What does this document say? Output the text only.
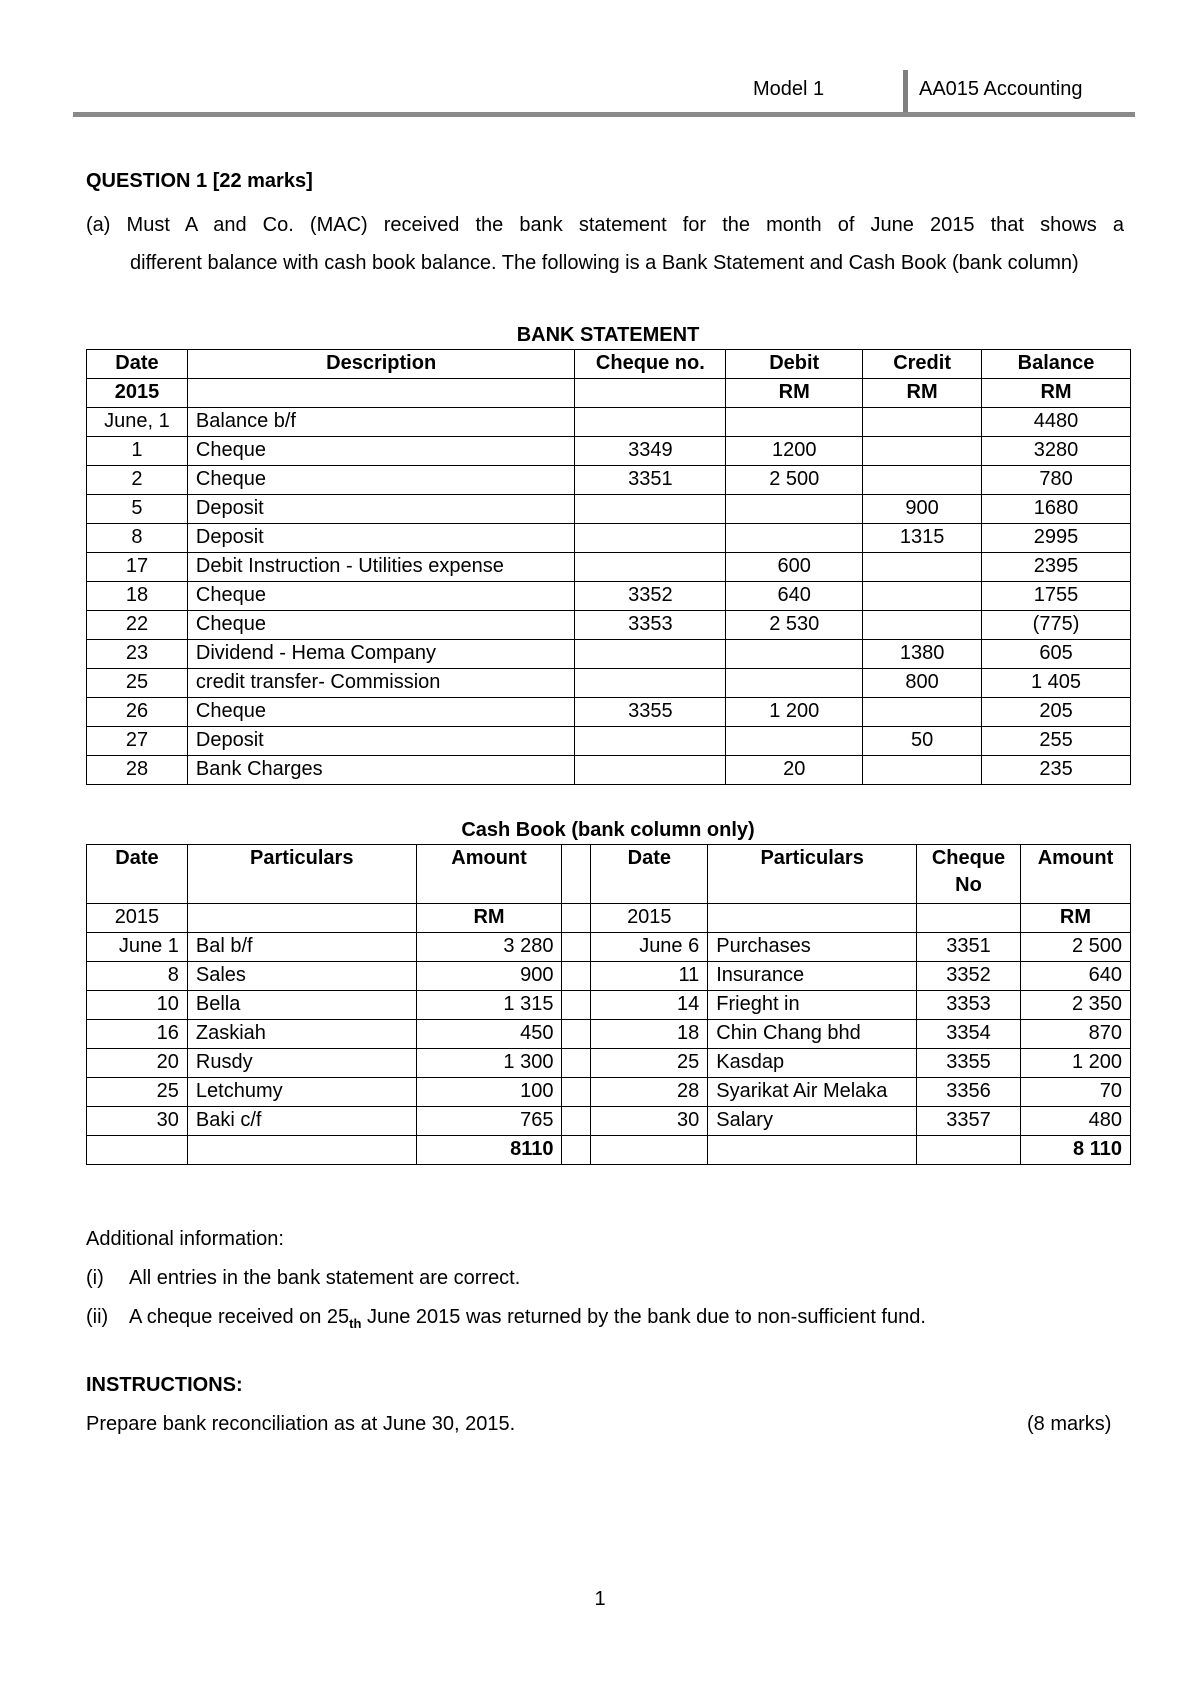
Model 1	AA015 Accounting
QUESTION 1 [22 marks]
(a) Must A and Co. (MAC) received the bank statement for the month of June 2015 that shows a
different balance with cash book balance. The following is a Bank Statement and Cash Book (bank column)
BANK STATEMENT
Date	Description	Cheque no.	Debit	Credit	Balance
2015			RM	RM	RM
June, 1	Balance b/f				4480
1	Cheque	3349	1200		3280
2	Cheque	3351	2 500		780
5	Deposit			900	1680
8	Deposit			1315	2995
17	Debit Instruction - Utilities expense		600		2395
18	Cheque	3352	640		1755
22	Cheque	3353	2 530		(775)
23	Dividend - Hema Company			1380	605
25	credit transfer- Commission			800	1 405
26	Cheque	3355	1 200		205
27	Deposit			50	255
28	Bank Charges		20		235
Cash Book (bank column only)
Date	Particulars	Amount		Date	Particulars	Cheque No	Amount
2015		RM		2015			RM
June 1	Bal b/f	3 280		June 6	Purchases	3351	2 500
8	Sales	900		11	Insurance	3352	640
10	Bella	1 315		14	Frieght in	3353	2 350
16	Zaskiah	450		18	Chin Chang bhd	3354	870
20	Rusdy	1 300		25	Kasdap	3355	1 200
25	Letchumy	100		28	Syarikat Air Melaka	3356	70
30	Baki c/f	765		30	Salary	3357	480
		8110					8 110
Additional information:
(i) All entries in the bank statement are correct.
(ii) A cheque received on $25_{th}$ June 2015 was returned by the bank due to non-sufficient fund.
INSTRUCTIONS:
Prepare bank reconciliation as at June 30, 2015.	(8 marks)
1
